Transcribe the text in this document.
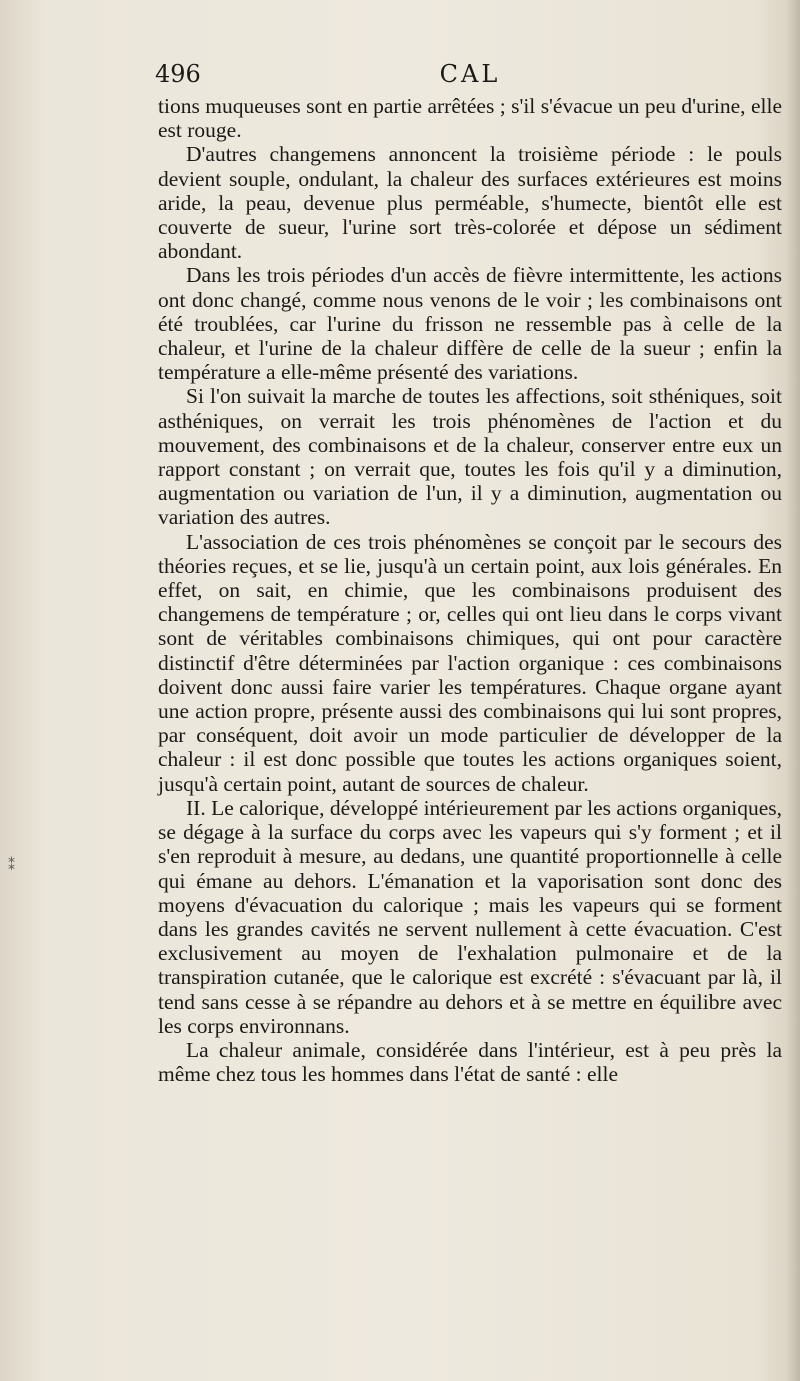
496	CAL

tions muqueuses sont en partie arrêtées ; s'il s'évacue un peu d'urine, elle est rouge.

D'autres changemens annoncent la troisième période : le pouls devient souple, ondulant, la chaleur des surfaces extérieures est moins aride, la peau, devenue plus perméable, s'humecte, bientôt elle est couverte de sueur, l'urine sort très-colorée et dépose un sédiment abondant.

Dans les trois périodes d'un accès de fièvre intermittente, les actions ont donc changé, comme nous venons de le voir ; les combinaisons ont été troublées, car l'urine du frisson ne ressemble pas à celle de la chaleur, et l'urine de la chaleur diffère de celle de la sueur ; enfin la température a elle-même présenté des variations.

Si l'on suivait la marche de toutes les affections, soit sthéniques, soit asthéniques, on verrait les trois phénomènes de l'action et du mouvement, des combinaisons et de la chaleur, conserver entre eux un rapport constant ; on verrait que, toutes les fois qu'il y a diminution, augmentation ou variation de l'un, il y a diminution, augmentation ou variation des autres.

L'association de ces trois phénomènes se conçoit par le secours des théories reçues, et se lie, jusqu'à un certain point, aux lois générales. En effet, on sait, en chimie, que les combinaisons produisent des changemens de température ; or, celles qui ont lieu dans le corps vivant sont de véritables combinaisons chimiques, qui ont pour caractère distinctif d'être déterminées par l'action organique : ces combinaisons doivent donc aussi faire varier les températures. Chaque organe ayant une action propre, présente aussi des combinaisons qui lui sont propres, par conséquent, doit avoir un mode particulier de développer de la chaleur : il est donc possible que toutes les actions organiques soient, jusqu'à certain point, autant de sources de chaleur.

II. Le calorique, développé intérieurement par les actions organiques, se dégage à la surface du corps avec les vapeurs qui s'y forment ; et il s'en reproduit à mesure, au dedans, une quantité proportionnelle à celle qui émane au dehors. L'émanation et la vaporisation sont donc des moyens d'évacuation du calorique ; mais les vapeurs qui se forment dans les grandes cavités ne servent nullement à cette évacuation. C'est exclusivement au moyen de l'exhalation pulmonaire et de la transpiration cutanée, que le calorique est excrété : s'évacuant par là, il tend sans cesse à se répandre au dehors et à se mettre en équilibre avec les corps environnans.

La chaleur animale, considérée dans l'intérieur, est à peu près la même chez tous les hommes dans l'état de santé : elle

⁑
